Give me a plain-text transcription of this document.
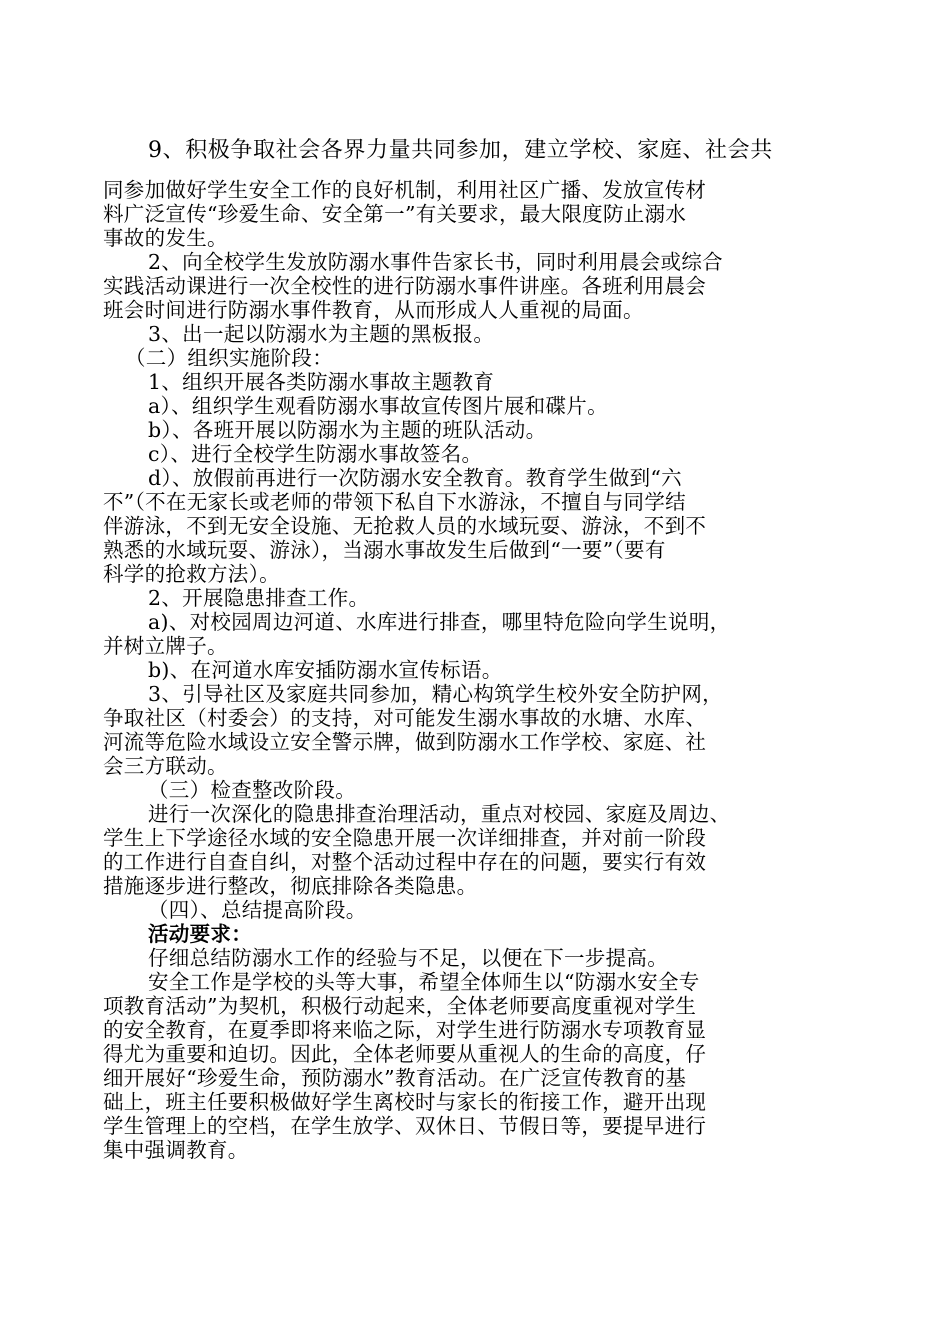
9、积极争取社会各界力量共同参加，建立学校、家庭、社会共

同参加做好学生安全工作的良好机制，利用社区广播、发放宣传材

料广泛宣传“珍爱生命、安全第一”有关要求，最大限度防止溺水

事故的发生。

2、向全校学生发放防溺水事件告家长书，同时利用晨会或综合

实践活动课进行一次全校性的进行防溺水事件讲座。各班利用晨会

班会时间进行防溺水事件教育，从而形成人人重视的局面。

3、出一起以防溺水为主题的黑板报。

（二）组织实施阶段：

1、组织开展各类防溺水事故主题教育

a）、组织学生观看防溺水事故宣传图片展和碟片。

b）、各班开展以防溺水为主题的班队活动。

c）、进行全校学生防溺水事故签名。

d）、放假前再进行一次防溺水安全教育。教育学生做到“六

不”（不在无家长或老师的带领下私自下水游泳，不擅自与同学结

伴游泳，不到无安全设施、无抢救人员的水域玩耍、游泳，不到不

熟悉的水域玩耍、游泳），当溺水事故发生后做到“一要”（要有

科学的抢救方法）。

2、开展隐患排查工作。

a)、对校园周边河道、水库进行排查，哪里特危险向学生说明，

并树立牌子。

b)、在河道水库安插防溺水宣传标语。

3、引导社区及家庭共同参加，精心构筑学生校外安全防护网，

争取社区（村委会）的支持，对可能发生溺水事故的水塘、水库、

河流等危险水域设立安全警示牌，做到防溺水工作学校、家庭、社

会三方联动。

（三）检查整改阶段。

进行一次深化的隐患排查治理活动，重点对校园、家庭及周边、

学生上下学途径水域的安全隐患开展一次详细排查，并对前一阶段

的工作进行自查自纠，对整个活动过程中存在的问题，要实行有效

措施逐步进行整改，彻底排除各类隐患。

（四）、总结提高阶段。

活动要求：

仔细总结防溺水工作的经验与不足，以便在下一步提高。

安全工作是学校的头等大事，希望全体师生以“防溺水安全专

项教育活动”为契机，积极行动起来，全体老师要高度重视对学生

的安全教育，在夏季即将来临之际，对学生进行防溺水专项教育显

得尤为重要和迫切。因此，全体老师要从重视人的生命的高度，仔

细开展好“珍爱生命，预防溺水”教育活动。在广泛宣传教育的基

础上，班主任要积极做好学生离校时与家长的衔接工作，避开出现

学生管理上的空档，在学生放学、双休日、节假日等，要提早进行

集中强调教育。
